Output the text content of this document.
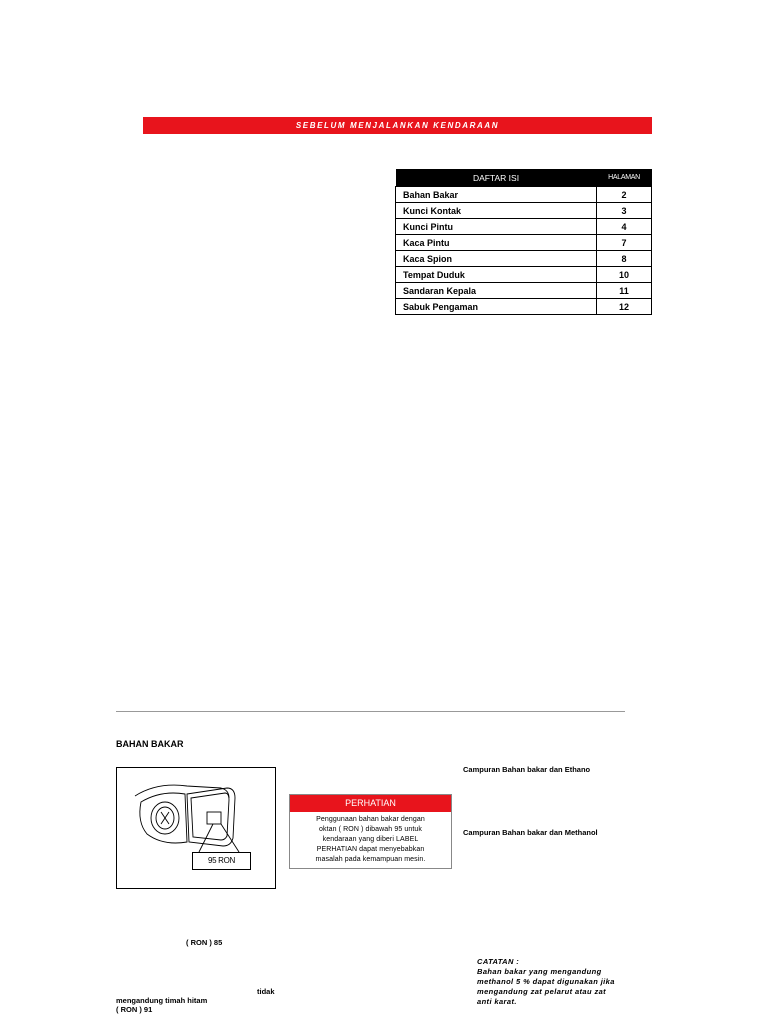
SEBELUM MENJALANKAN KENDARAAN
DAFTAR ISI	HALAMAN
Bahan Bakar	2
Kunci Kontak	3
Kunci Pintu	4
Kaca Pintu	7
Kaca Spion	8
Tempat Duduk	10
Sandaran Kepala	11
Sabuk Pengaman	12
BAHAN BAKAR
95 RON
PERHATIAN
Penggunaan bahan bakar dengan
oktan ( RON ) dibawah 95 untuk
kendaraan yang diberi LABEL
PERHATIAN dapat menyebabkan
masalah pada kemampuan mesin.
Campuran Bahan bakar dan Ethano
Campuran Bahan bakar dan Methanol
( RON ) 85
tidak
mengandung timah hitam
( RON ) 91
CATATAN :
Bahan bakar yang mengandung
methanol 5 % dapat digunakan jika
mengandung zat pelarut atau zat
anti karat.
